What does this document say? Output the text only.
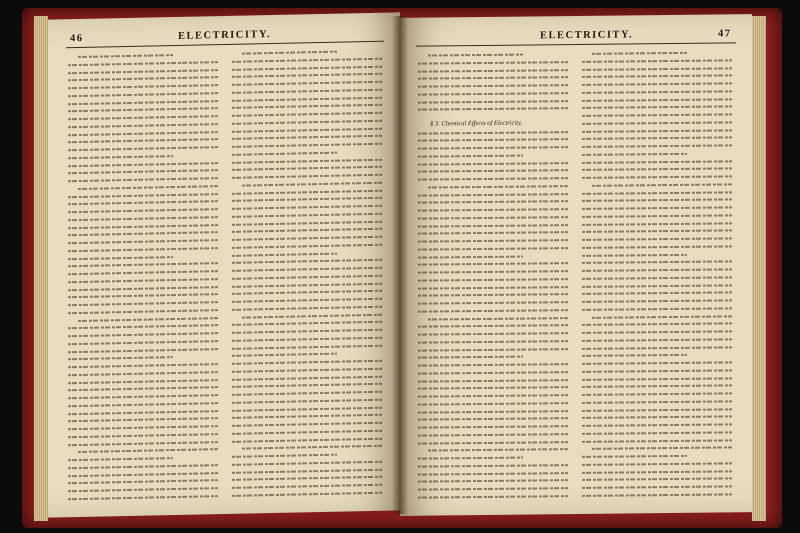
46	ELECTRICITY.	ELECTRICITY.	47
§ 3. Chemical Effects of Electricity.
